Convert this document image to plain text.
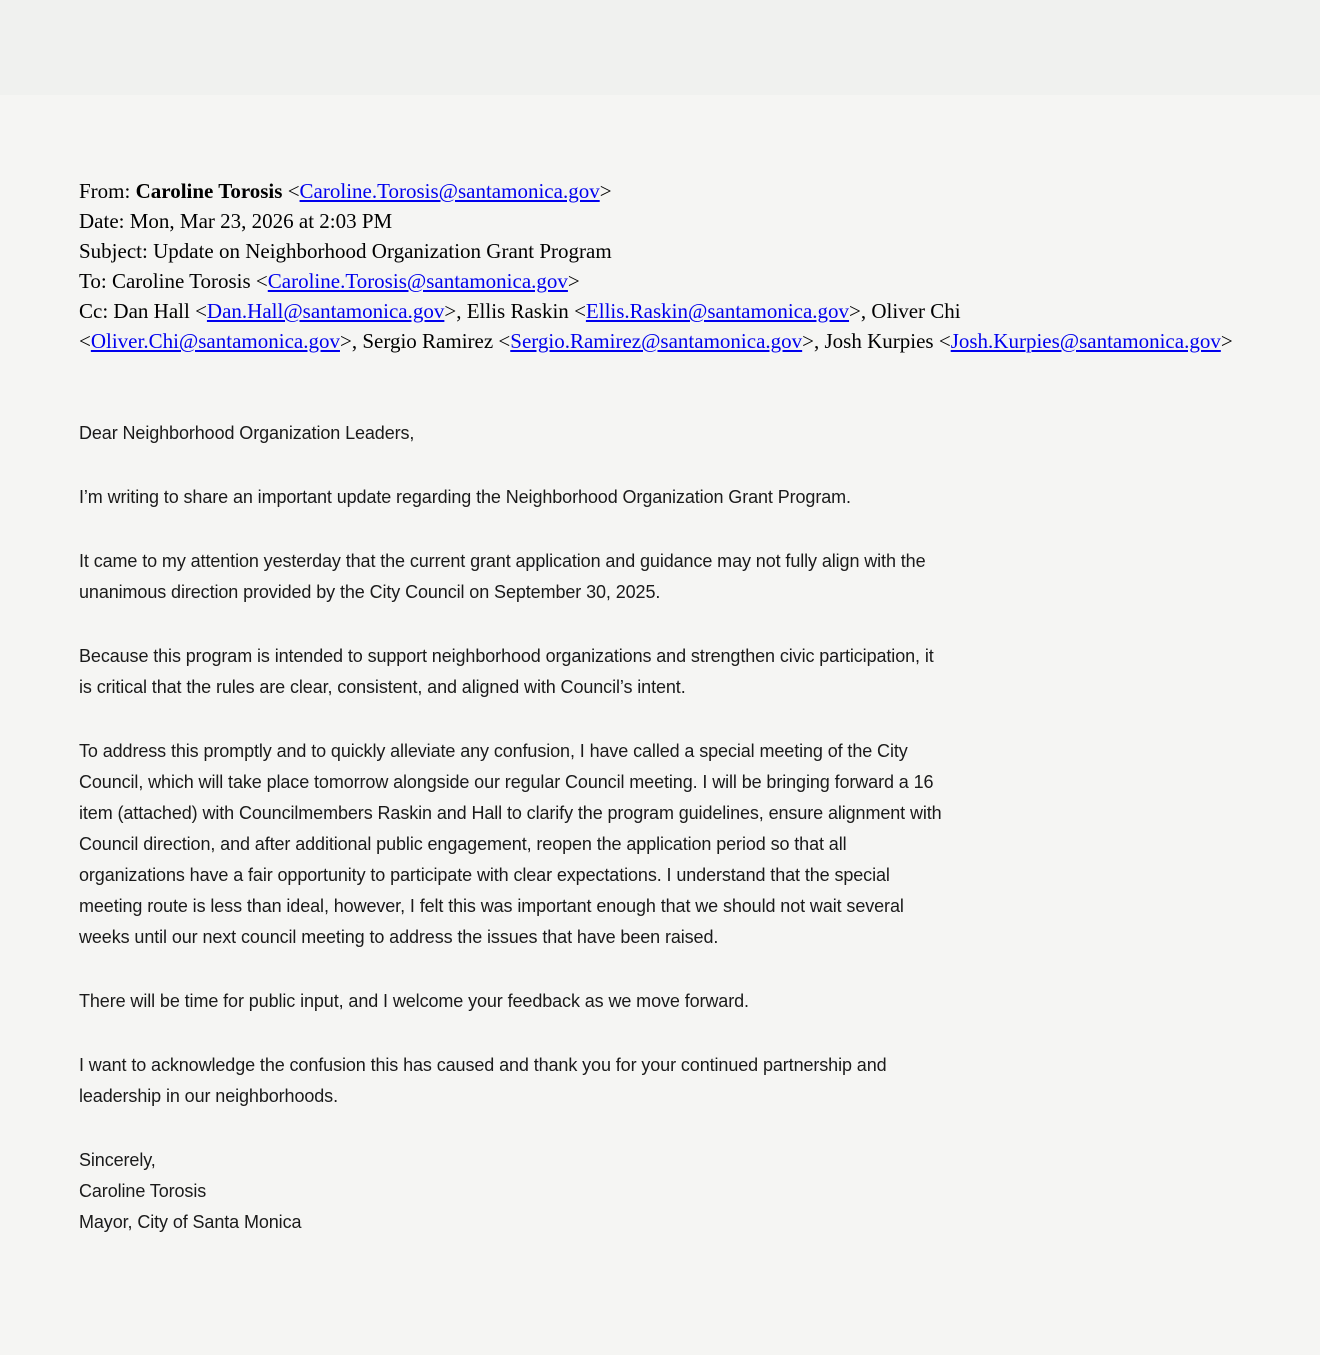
From: Caroline Torosis <Caroline.Torosis@santamonica.gov>
Date: Mon, Mar 23, 2026 at 2:03 PM
Subject: Update on Neighborhood Organization Grant Program
To: Caroline Torosis <Caroline.Torosis@santamonica.gov>
Cc: Dan Hall <Dan.Hall@santamonica.gov>, Ellis Raskin <Ellis.Raskin@santamonica.gov>, Oliver Chi <Oliver.Chi@santamonica.gov>, Sergio Ramirez <Sergio.Ramirez@santamonica.gov>, Josh Kurpies <Josh.Kurpies@santamonica.gov>

Dear Neighborhood Organization Leaders,

I’m writing to share an important update regarding the Neighborhood Organization Grant Program.

It came to my attention yesterday that the current grant application and guidance may not fully align with the
unanimous direction provided by the City Council on September 30, 2025.

Because this program is intended to support neighborhood organizations and strengthen civic participation, it
is critical that the rules are clear, consistent, and aligned with Council’s intent.

To address this promptly and to quickly alleviate any confusion, I have called a special meeting of the City
Council, which will take place tomorrow alongside our regular Council meeting. I will be bringing forward a 16
item (attached) with Councilmembers Raskin and Hall to clarify the program guidelines, ensure alignment with
Council direction, and after additional public engagement, reopen the application period so that all
organizations have a fair opportunity to participate with clear expectations. I understand that the special
meeting route is less than ideal, however, I felt this was important enough that we should not wait several
weeks until our next council meeting to address the issues that have been raised.

There will be time for public input, and I welcome your feedback as we move forward.

I want to acknowledge the confusion this has caused and thank you for your continued partnership and
leadership in our neighborhoods.

Sincerely,
Caroline Torosis
Mayor, City of Santa Monica
